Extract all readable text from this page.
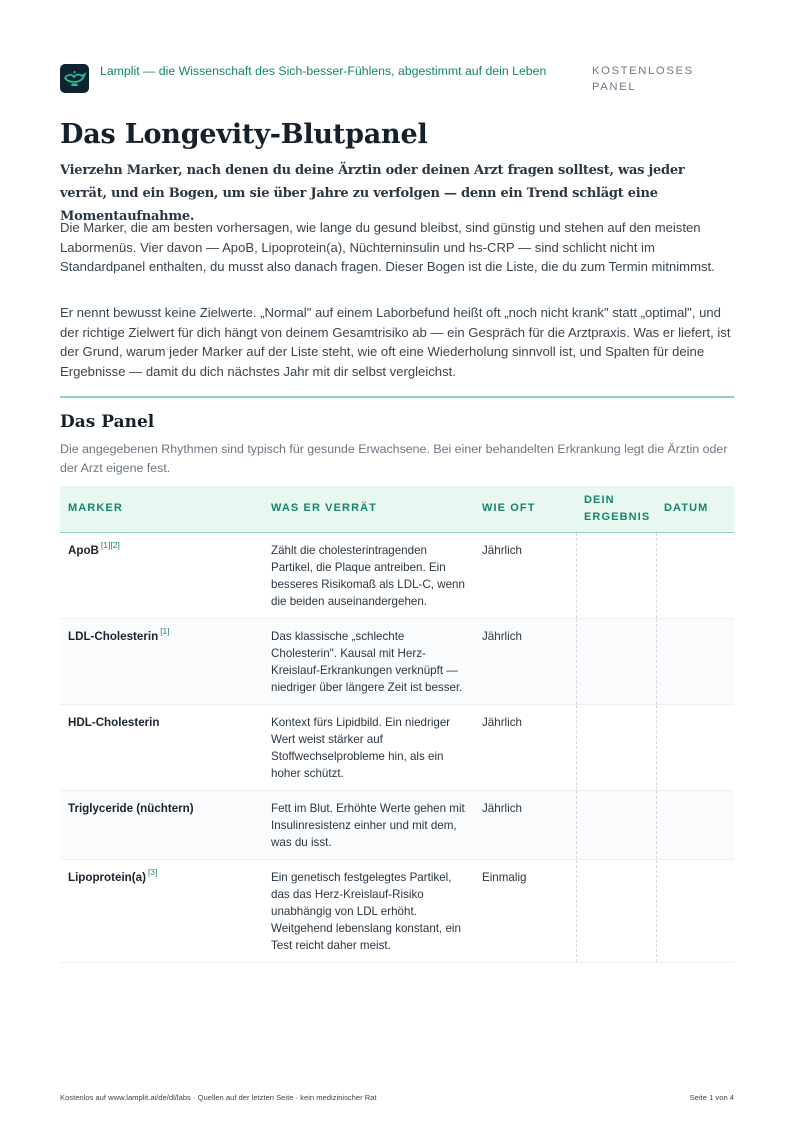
Lamplit — die Wissenschaft des Sich-besser-Fühlens, abgestimmt auf dein Leben	KOSTENLOSES PANEL
Das Longevity-Blutpanel
Vierzehn Marker, nach denen du deine Ärztin oder deinen Arzt fragen solltest, was jeder verrät, und ein Bogen, um sie über Jahre zu verfolgen — denn ein Trend schlägt eine Momentaufnahme.

Die Marker, die am besten vorhersagen, wie lange du gesund bleibst, sind günstig und stehen auf den meisten Labormenüs. Vier davon — ApoB, Lipoprotein(a), Nüchterninsulin und hs-CRP — sind schlicht nicht im Standardpanel enthalten, du musst also danach fragen. Dieser Bogen ist die Liste, die du zum Termin mitnimmst.

Er nennt bewusst keine Zielwerte. „Normal" auf einem Laborbefund heißt oft „noch nicht krank" statt „optimal", und der richtige Zielwert für dich hängt von deinem Gesamtrisiko ab — ein Gespräch für die Arztpraxis. Was er liefert, ist der Grund, warum jeder Marker auf der Liste steht, wie oft eine Wiederholung sinnvoll ist, und Spalten für deine Ergebnisse — damit du dich nächstes Jahr mit dir selbst vergleichst.

Das Panel

Die angegebenen Rhythmen sind typisch für gesunde Erwachsene. Bei einer behandelten Erkrankung legt die Ärztin oder der Arzt eigene fest.

MARKER	WAS ER VERRÄT	WIE OFT	DEIN ERGEBNIS	DATUM
ApoB [1][2]	Zählt die cholesterintragenden Partikel, die Plaque antreiben. Ein besseres Risikomaß als LDL-C, wenn die beiden auseinandergehen.	Jährlich		
LDL-Cholesterin [1]	Das klassische „schlechte Cholesterin". Kausal mit Herz-Kreislauf-Erkrankungen verknüpft — niedriger über längere Zeit ist besser.	Jährlich		
HDL-Cholesterin	Kontext fürs Lipidbild. Ein niedriger Wert weist stärker auf Stoffwechselprobleme hin, als ein hoher schützt.	Jährlich		
Triglyceride (nüchtern)	Fett im Blut. Erhöhte Werte gehen mit Insulinresistenz einher und mit dem, was du isst.	Jährlich		
Lipoprotein(a) [3]	Ein genetisch festgelegtes Partikel, das das Herz-Kreislauf-Risiko unabhängig von LDL erhöht. Weitgehend lebenslang konstant, ein Test reicht daher meist.	Einmalig		
Kostenlos auf www.lamplit.ai/de/dl/labs · Quellen auf der letzten Seite · kein medizinischer Rat	Seite 1 von 4
